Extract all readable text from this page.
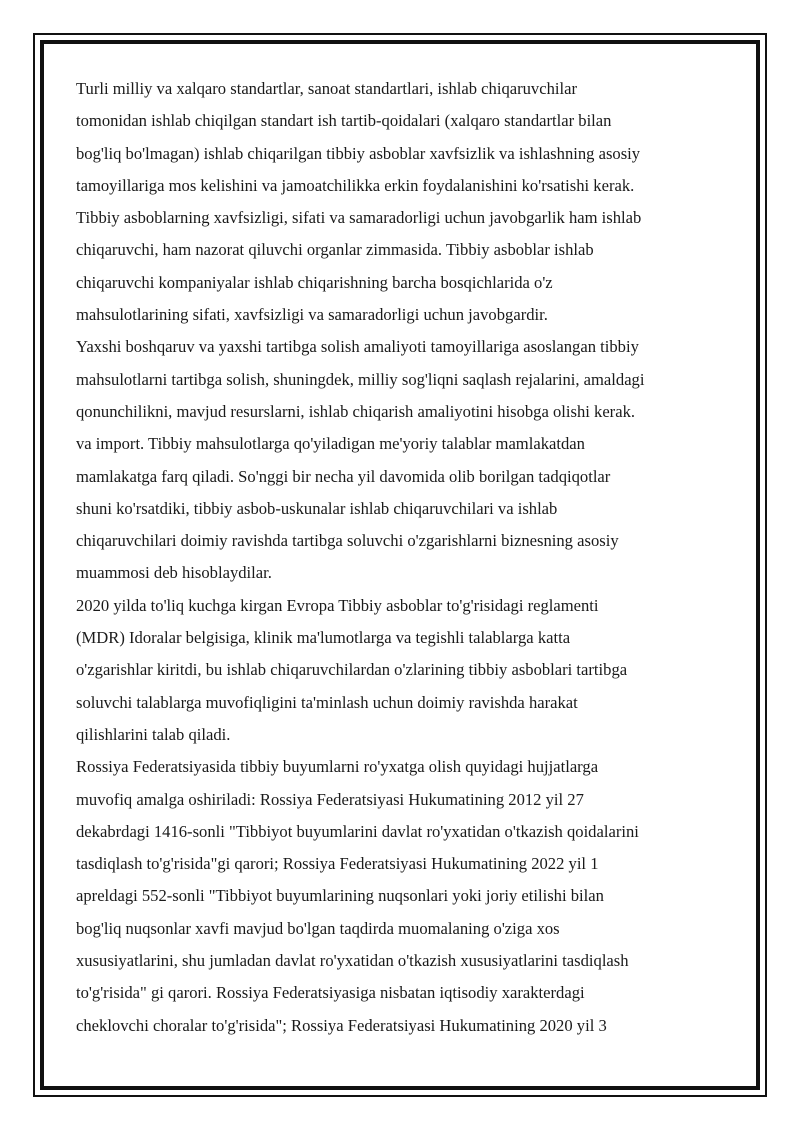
Turli milliy va xalqaro standartlar, sanoat standartlari, ishlab chiqaruvchilar
tomonidan ishlab chiqilgan standart ish tartib-qoidalari (xalqaro standartlar bilan
bog'liq bo'lmagan) ishlab chiqarilgan tibbiy asboblar xavfsizlik va ishlashning asosiy
tamoyillariga mos kelishini va jamoatchilikka erkin foydalanishini ko'rsatishi kerak.
Tibbiy asboblarning xavfsizligi, sifati va samaradorligi uchun javobgarlik ham ishlab
chiqaruvchi, ham nazorat qiluvchi organlar zimmasida. Tibbiy asboblar ishlab
chiqaruvchi kompaniyalar ishlab chiqarishning barcha bosqichlarida o'z
mahsulotlarining sifati, xavfsizligi va samaradorligi uchun javobgardir.

Yaxshi boshqaruv va yaxshi tartibga solish amaliyoti tamoyillariga asoslangan tibbiy
mahsulotlarni tartibga solish, shuningdek, milliy sog'liqni saqlash rejalarini, amaldagi
qonunchilikni, mavjud resurslarni, ishlab chiqarish amaliyotini hisobga olishi kerak.
va import. Tibbiy mahsulotlarga qo'yiladigan me'yoriy talablar mamlakatdan
mamlakatga farq qiladi. So'nggi bir necha yil davomida olib borilgan tadqiqotlar
shuni ko'rsatdiki, tibbiy asbob-uskunalar ishlab chiqaruvchilari va ishlab
chiqaruvchilari doimiy ravishda tartibga soluvchi o'zgarishlarni biznesning asosiy
muammosi deb hisoblaydilar.

2020 yilda to'liq kuchga kirgan Evropa Tibbiy asboblar to'g'risidagi reglamenti
(MDR) Idoralar belgisiga, klinik ma'lumotlarga va tegishli talablarga katta
o'zgarishlar kiritdi, bu ishlab chiqaruvchilardan o'zlarining tibbiy asboblari tartibga
soluvchi talablarga muvofiqligini ta'minlash uchun doimiy ravishda harakat
qilishlarini talab qiladi.

Rossiya Federatsiyasida tibbiy buyumlarni ro'yxatga olish quyidagi hujjatlarga
muvofiq amalga oshiriladi: Rossiya Federatsiyasi Hukumatining 2012 yil 27
dekabrdagi 1416-sonli "Tibbiyot buyumlarini davlat ro'yxatidan o'tkazish qoidalarini
tasdiqlash to'g'risida"gi qarori; Rossiya Federatsiyasi Hukumatining 2022 yil 1
apreldagi 552-sonli "Tibbiyot buyumlarining nuqsonlari yoki joriy etilishi bilan
bog'liq nuqsonlar xavfi mavjud bo'lgan taqdirda muomalaning o'ziga xos
xususiyatlarini, shu jumladan davlat ro'yxatidan o'tkazish xususiyatlarini tasdiqlash
to'g'risida" gi qarori. Rossiya Federatsiyasiga nisbatan iqtisodiy xarakterdagi
cheklovchi choralar to'g'risida"; Rossiya Federatsiyasi Hukumatining 2020 yil 3
